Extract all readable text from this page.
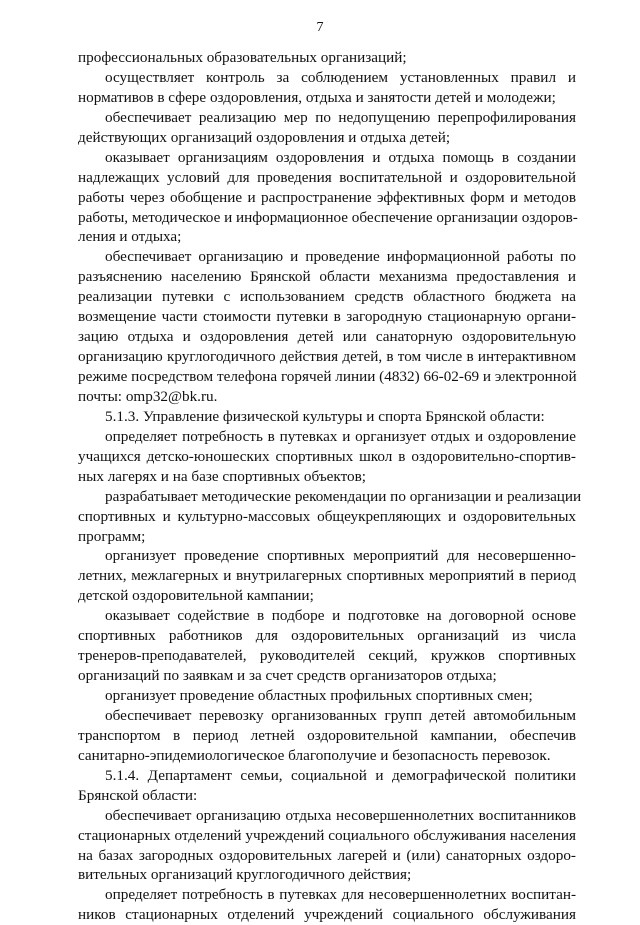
7
профессиональных образовательных организаций;
осуществляет контроль за соблюдением установленных правил и
нормативов в сфере оздоровления, отдыха и занятости детей и молодежи;
обеспечивает реализацию мер по недопущению перепрофилирования
действующих организаций оздоровления и отдыха детей;
оказывает организациям оздоровления и отдыха помощь в создании
надлежащих условий для проведения воспитательной и оздоровительной
работы через обобщение и распространение эффективных форм и методов
работы, методическое и информационное обеспечение организации оздоров-
ления и отдыха;
обеспечивает организацию и проведение информационной работы по
разъяснению населению Брянской области механизма предоставления и
реализации путевки с использованием средств областного бюджета на
возмещение части стоимости путевки в загородную стационарную органи-
зацию отдыха и оздоровления детей или санаторную оздоровительную
организацию круглогодичного действия детей, в том числе в интерактивном
режиме посредством телефона горячей линии (4832) 66-02-69 и электронной
почты: omp32@bk.ru.
5.1.3. Управление физической культуры и спорта Брянской области:
определяет потребность в путевках и организует отдых и оздоровление
учащихся детско-юношеских спортивных школ в оздоровительно-спортив-
ных лагерях и на базе спортивных объектов;
разрабатывает методические рекомендации по организации и реализации
спортивных и культурно-массовых общеукрепляющих и оздоровительных
программ;
организует проведение спортивных мероприятий для несовершенно-
летних, межлагерных и внутрилагерных спортивных мероприятий в период
детской оздоровительной кампании;
оказывает содействие в подборе и подготовке на договорной основе
спортивных работников для оздоровительных организаций из числа
тренеров-преподавателей, руководителей секций, кружков спортивных
организаций по заявкам и за счет средств организаторов отдыха;
организует проведение областных профильных спортивных смен;
обеспечивает перевозку организованных групп детей автомобильным
транспортом в период летней оздоровительной кампании, обеспечив
санитарно-эпидемиологическое благополучие и безопасность перевозок.
5.1.4. Департамент семьи, социальной и демографической политики
Брянской области:
обеспечивает организацию отдыха несовершеннолетних воспитанников
стационарных отделений учреждений социального обслуживания населения
на базах загородных оздоровительных лагерей и (или) санаторных оздоро-
вительных организаций круглогодичного действия;
определяет потребность в путевках для несовершеннолетних воспитан-
ников стационарных отделений учреждений социального обслуживания
